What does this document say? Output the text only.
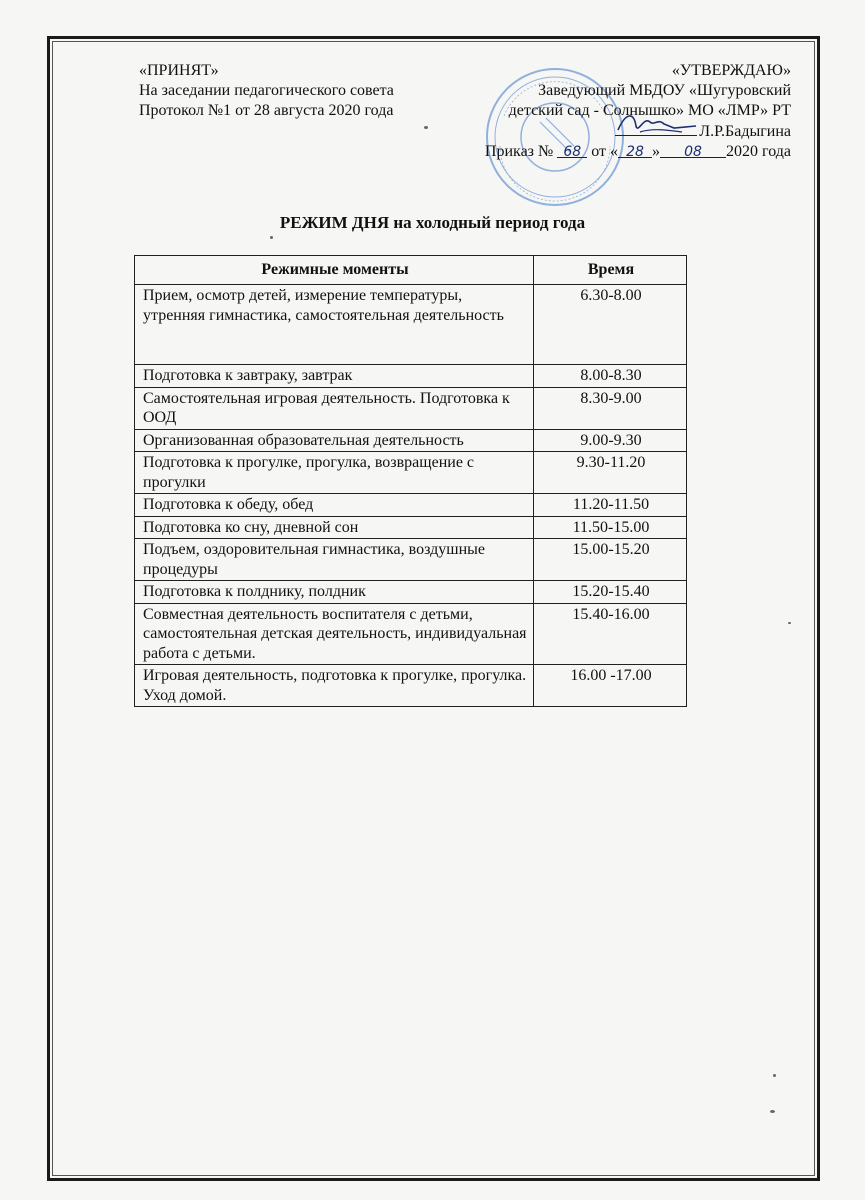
«ПРИНЯТ»
На заседании педагогического совета
Протокол №1 от 28 августа 2020 года
«УТВЕРЖДАЮ»
Заведующий МБДОУ «Шугуровский
детский сад - Солнышко» МО «ЛМР» РТ
Л.Р.Бадыгина
Приказ № 68 от « 28 » 08 2020 года
РЕЖИМ ДНЯ на холодный период года
Режимные моменты	Время
Прием, осмотр детей, измерение температуры, утренняя гимнастика, самостоятельная деятельность	6.30-8.00
Подготовка к завтраку, завтрак	8.00-8.30
Самостоятельная игровая деятельность. Подготовка к ООД	8.30-9.00
Организованная образовательная деятельность	9.00-9.30
Подготовка к прогулке, прогулка, возвращение с прогулки	9.30-11.20
Подготовка к обеду, обед	11.20-11.50
Подготовка ко сну, дневной сон	11.50-15.00
Подъем, оздоровительная гимнастика, воздушные процедуры	15.00-15.20
Подготовка к полднику, полдник	15.20-15.40
Совместная деятельность воспитателя с детьми, самостоятельная детская деятельность, индивидуальная работа с детьми.	15.40-16.00
Игровая деятельность, подготовка к прогулке, прогулка. Уход домой.	16.00 -17.00
